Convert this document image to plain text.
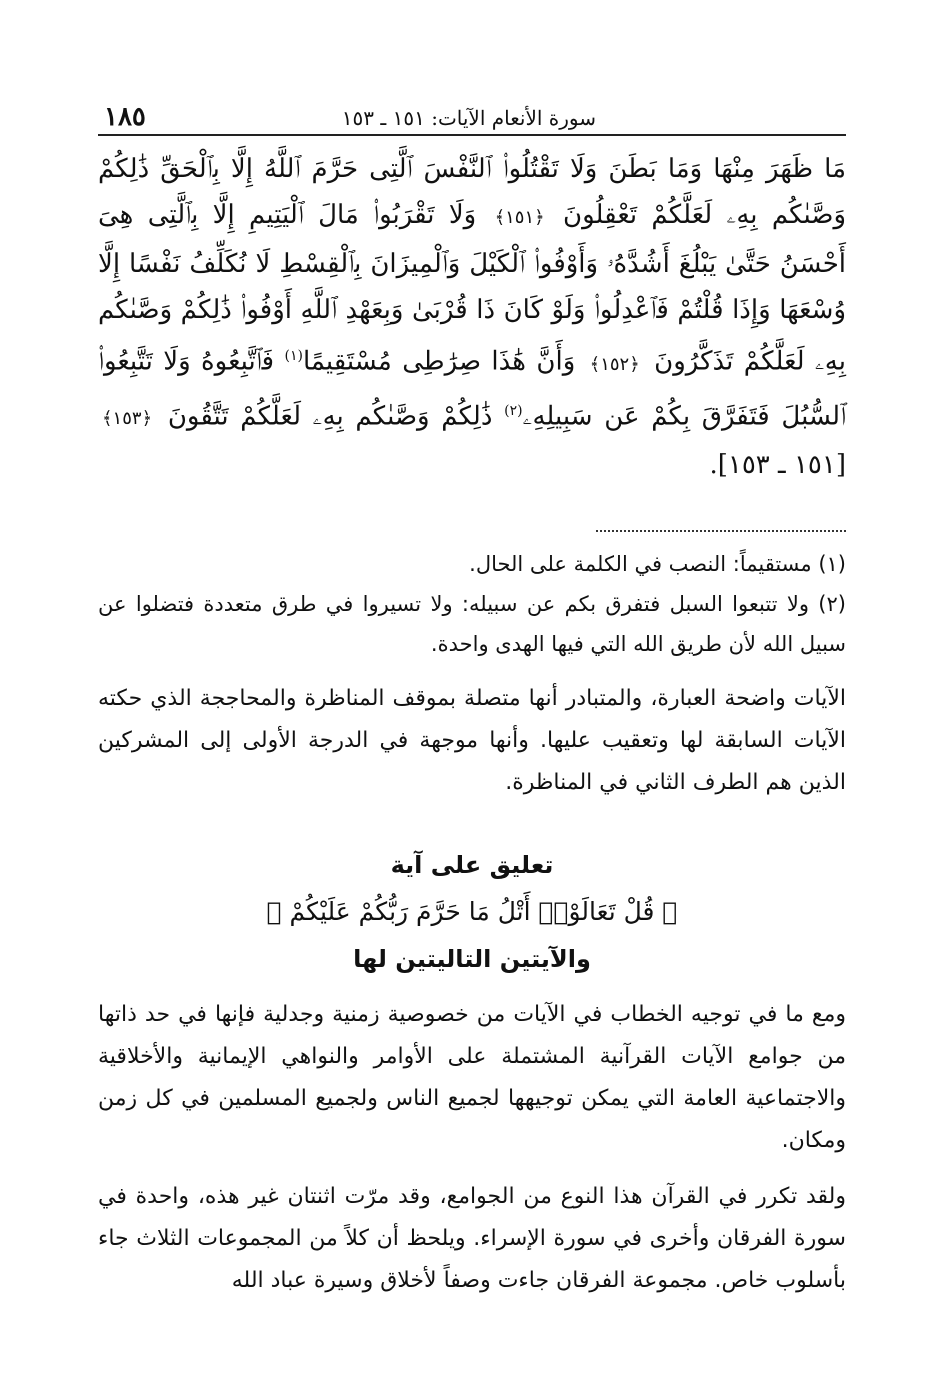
سورة الأنعام الآيات: ١٥١ ـ ١٥٣
١٨٥
مَا ظَهَرَ مِنْهَا وَمَا بَطَنَ وَلَا تَقْتُلُوا۟ ٱلنَّفْسَ ٱلَّتِى حَرَّمَ ٱللَّهُ إِلَّا بِٱلْحَقِّ ذَٰلِكُمْ وَصَّىٰكُم بِهِۦ لَعَلَّكُمْ تَعْقِلُونَ ﴿١٥١﴾ وَلَا تَقْرَبُوا۟ مَالَ ٱلْيَتِيمِ إِلَّا بِٱلَّتِى هِىَ أَحْسَنُ حَتَّىٰ يَبْلُغَ أَشُدَّهُۥ وَأَوْفُوا۟ ٱلْكَيْلَ وَٱلْمِيزَانَ بِٱلْقِسْطِ لَا نُكَلِّفُ نَفْسًا إِلَّا وُسْعَهَا وَإِذَا قُلْتُمْ فَٱعْدِلُوا۟ وَلَوْ كَانَ ذَا قُرْبَىٰ وَبِعَهْدِ ٱللَّهِ أَوْفُوا۟ ذَٰلِكُمْ وَصَّىٰكُم بِهِۦ لَعَلَّكُمْ تَذَكَّرُونَ ﴿١٥٢﴾ وَأَنَّ هَٰذَا صِرَٰطِى مُسْتَقِيمًا$^{(١)}$ فَٱتَّبِعُوهُ وَلَا تَتَّبِعُوا۟ ٱلسُّبُلَ فَتَفَرَّقَ بِكُمْ عَن سَبِيلِهِۦ$^{(٢)}$ ذَٰلِكُمْ وَصَّىٰكُم بِهِۦ لَعَلَّكُمْ تَتَّقُونَ ﴿١٥٣﴾ [١٥١ ـ ١٥٣].

(١) مستقيماً: النصب في الكلمة على الحال.

(٢) ولا تتبعوا السبل فتفرق بكم عن سبيله: ولا تسيروا في طرق متعددة فتضلوا عن سبيل الله لأن طريق الله التي فيها الهدى واحدة.

الآيات واضحة العبارة، والمتبادر أنها متصلة بموقف المناظرة والمحاججة الذي حكته الآيات السابقة لها وتعقيب عليها. وأنها موجهة في الدرجة الأولى إلى المشركين الذين هم الطرف الثاني في المناظرة.

تعليق على آية
﴿ قُلْ تَعَالَوْا۟ أَتْلُ مَا حَرَّمَ رَبُّكُمْ عَلَيْكُمْ ﴾
والآيتين التاليتين لها

ومع ما في توجيه الخطاب في الآيات من خصوصية زمنية وجدلية فإنها في حد ذاتها من جوامع الآيات القرآنية المشتملة على الأوامر والنواهي الإيمانية والأخلاقية والاجتماعية العامة التي يمكن توجيهها لجميع الناس ولجميع المسلمين في كل زمن ومكان.

ولقد تكرر في القرآن هذا النوع من الجوامع، وقد مرّت اثنتان غير هذه، واحدة في سورة الفرقان وأخرى في سورة الإسراء. ويلحظ أن كلاً من المجموعات الثلاث جاء بأسلوب خاص. مجموعة الفرقان جاءت وصفاً لأخلاق وسيرة عباد الله
